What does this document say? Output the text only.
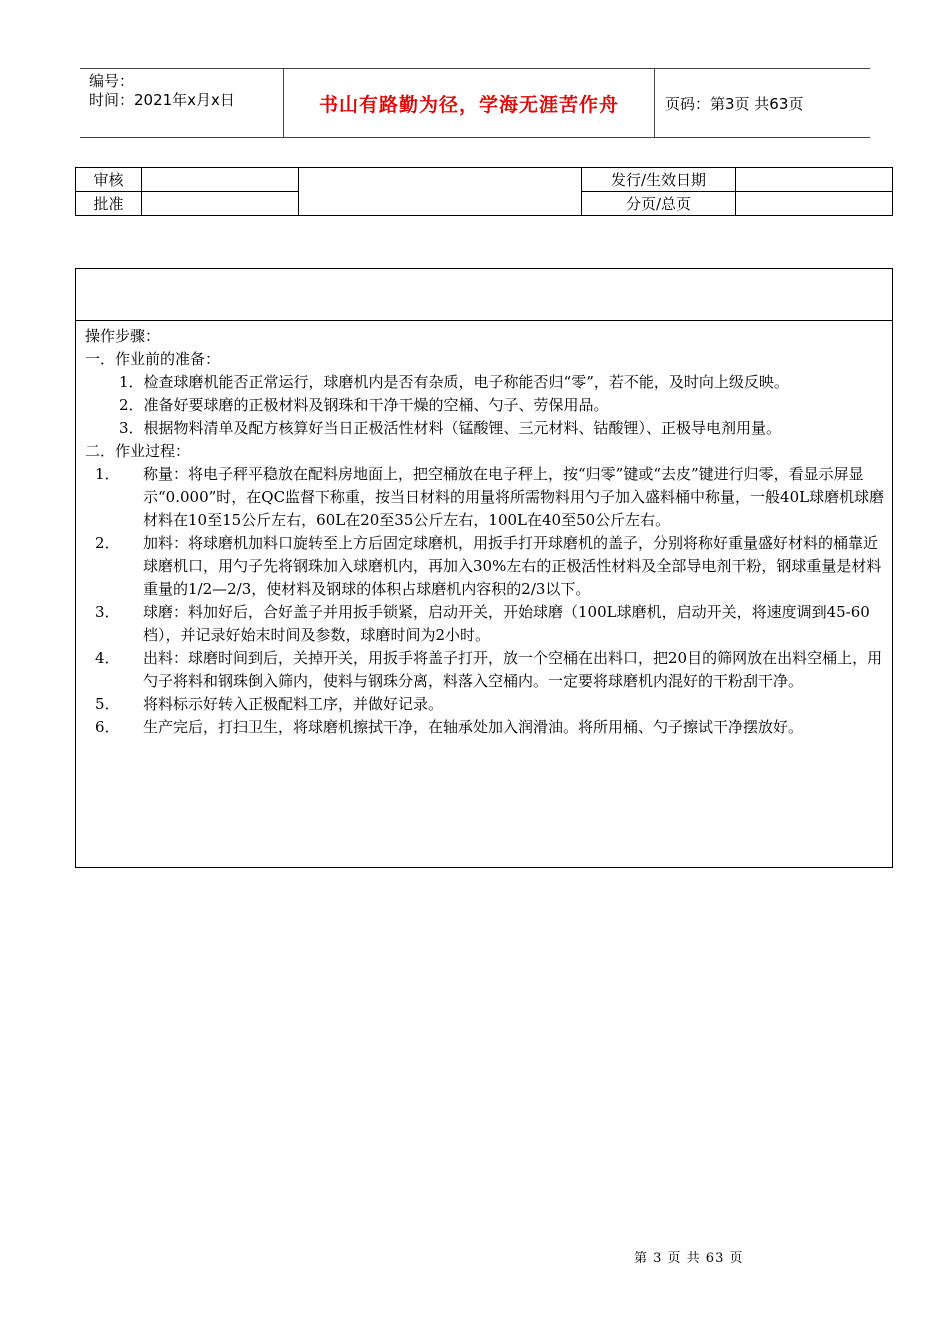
编号：
时间：2021年x月x日	书山有路勤为径，学海无涯苦作舟	页码：第3页 共63页
审核			发行/生效日期	
批准			分页/总页	

操作步骤：

一．作业前的准备：

1．检查球磨机能否正常运行，球磨机内是否有杂质，电子称能否归“零”，若不能，及时向上级反映。

2．准备好要球磨的正极材料及钢珠和干净干燥的空桶、勺子、劳保用品。

3．根据物料清单及配方核算好当日正极活性材料（锰酸锂、三元材料、钴酸锂）、正极导电剂用量。

二．作业过程：

1． 称量：将电子秤平稳放在配料房地面上，把空桶放在电子秤上，按“归零”键或“去皮”键进行归零，看显示屏显示“0.000”时，在QC监督下称重，按当日材料的用量将所需物料用勺子加入盛料桶中称量，一般40L球磨机球磨材料在10至15公斤左右，60L在20至35公斤左右，100L在40至50公斤左右。

2． 加料：将球磨机加料口旋转至上方后固定球磨机，用扳手打开球磨机的盖子，分别将称好重量盛好材料的桶靠近球磨机口，用勺子先将钢珠加入球磨机内，再加入30%左右的正极活性材料及全部导电剂干粉，钢球重量是材料重量的1/2—2/3，使材料及钢球的体积占球磨机内容积的2/3以下。

3． 球磨：料加好后，合好盖子并用扳手锁紧，启动开关，开始球磨（100L球磨机，启动开关，将速度调到45-60档），并记录好始末时间及参数，球磨时间为2小时。

4． 出料：球磨时间到后，关掉开关，用扳手将盖子打开，放一个空桶在出料口，把20目的筛网放在出料空桶上，用勺子将料和钢珠倒入筛内，使料与钢珠分离，料落入空桶内。一定要将球磨机内混好的干粉刮干净。

5． 将料标示好转入正极配料工序，并做好记录。

6． 生产完后，打扫卫生，将球磨机擦拭干净，在轴承处加入润滑油。将所用桶、勺子擦试干净摆放好。

第 3 页 共 63 页
